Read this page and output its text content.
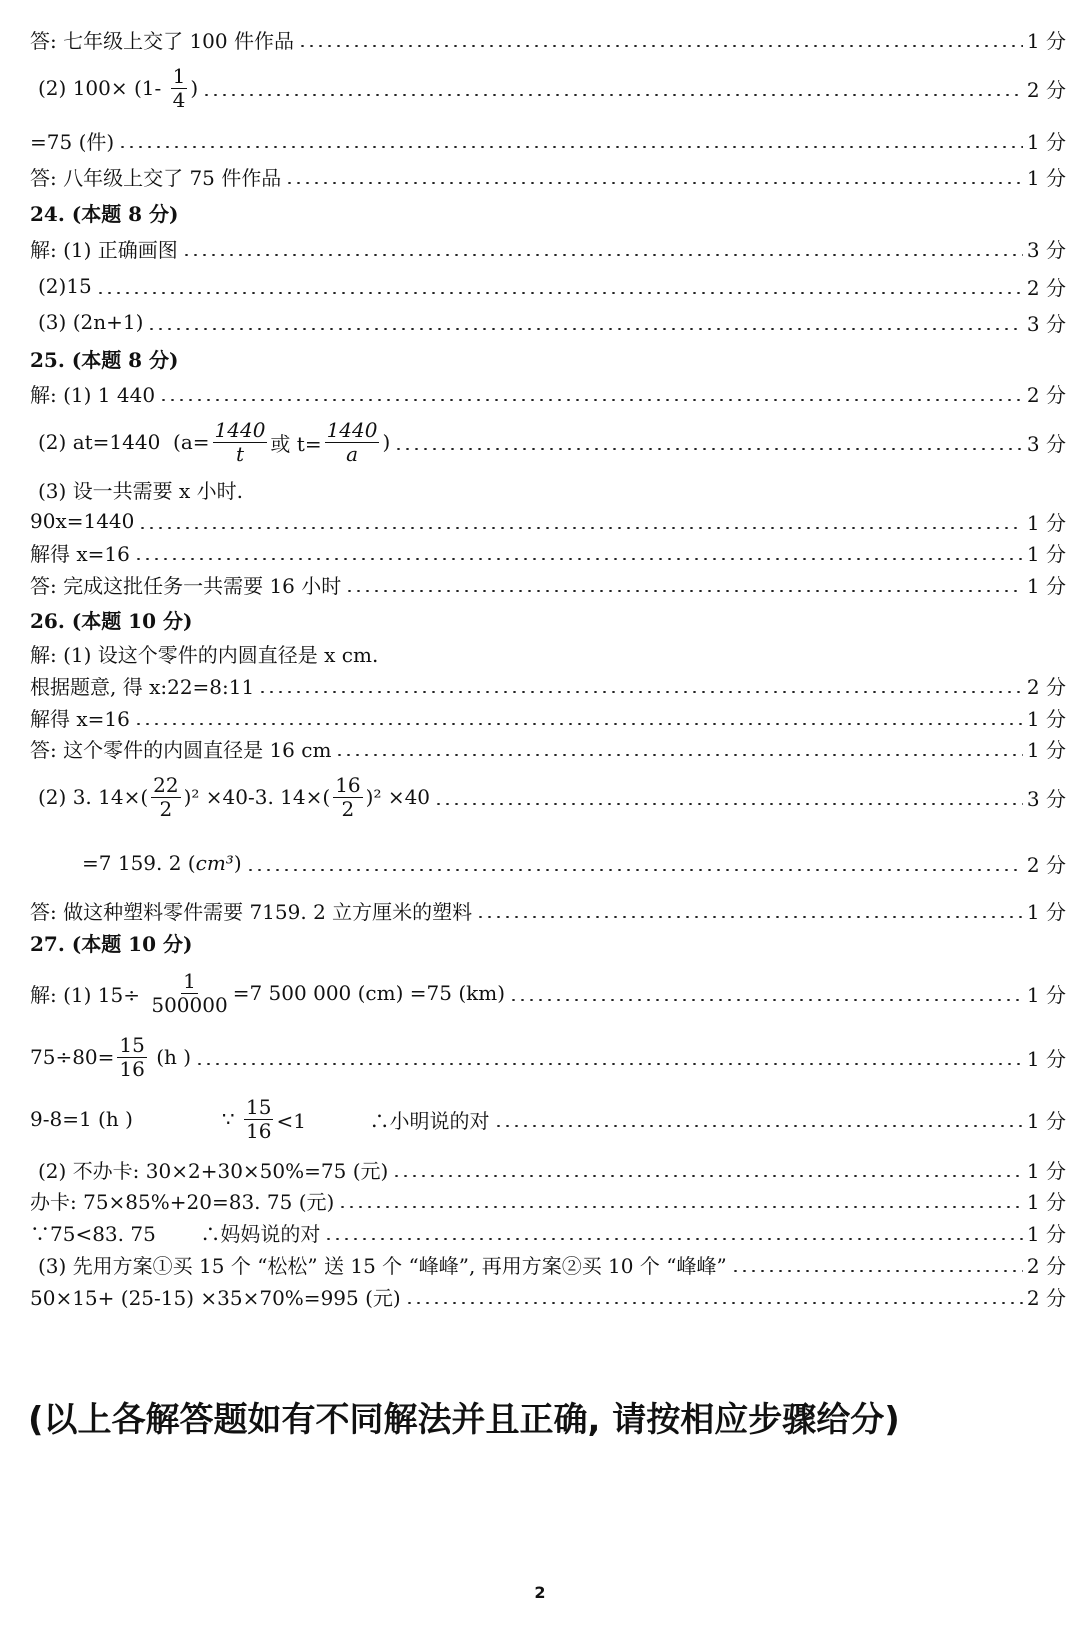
答: 七年级上交了 100 件作品	1 分
(2) $100\times (1- \frac{1}{4}$ )	2 分
=75 (件)	1 分
答: 八年级上交了 75 件作品	1 分
24. (本题 8 分)
解: (1) 正确画图	3 分
(2)15	2 分
(3) (2n+1)	3 分
25. (本题 8 分)
解: (1) 1 440	2 分
(2) at=1440  ($a= \frac{1440}{t}$ 或 $t= \frac{1440}{a}$ )	3 分
(3) 设一共需要 x 小时.
90x=1440	1 分
解得 x=16	1 分
答: 完成这批任务一共需要 16 小时	1 分
26. (本题 10 分)
解: (1) 设这个零件的内圆直径是 x cm.
根据题意, 得 x:22=8:11	2 分
解得 x=16	1 分
答: 这个零件的内圆直径是 16 cm	1 分
(2) 3. $14\times( \frac{22}{2} )^2 \times 40-3$. $14\times( \frac{16}{2} )^2 \times 40$	3 分
=7 159. 2 ( cm³ )	2 分
答: 做这种塑料零件需要 7159. 2 立方厘米的塑料	1 分
27. (本题 10 分)
解: (1) $15\div \frac{1}{500000} =7$ 500 000 (cm) =75 (km)	1 分
$75\div 80= \frac{15}{16} (h$ )	1 分
9-8=1 (h )              ∵ $\frac{15}{16} <1$          ∴小明说的对	1 分
(2) 不办卡: 30×2+30×50%=75 (元)	1 分
办卡: 75×85%+20=83. 75 (元)	1 分
∵75<83. 75       ∴妈妈说的对	1 分
(3) 先用方案①买 15 个 “松松” 送 15 个 “峰峰”, 再用方案②买 10 个 “峰峰”	2 分
50×15+ (25-15) ×35×70%=995 (元)	2 分
(以上各解答题如有不同解法并且正确, 请按相应步骤给分)
2
